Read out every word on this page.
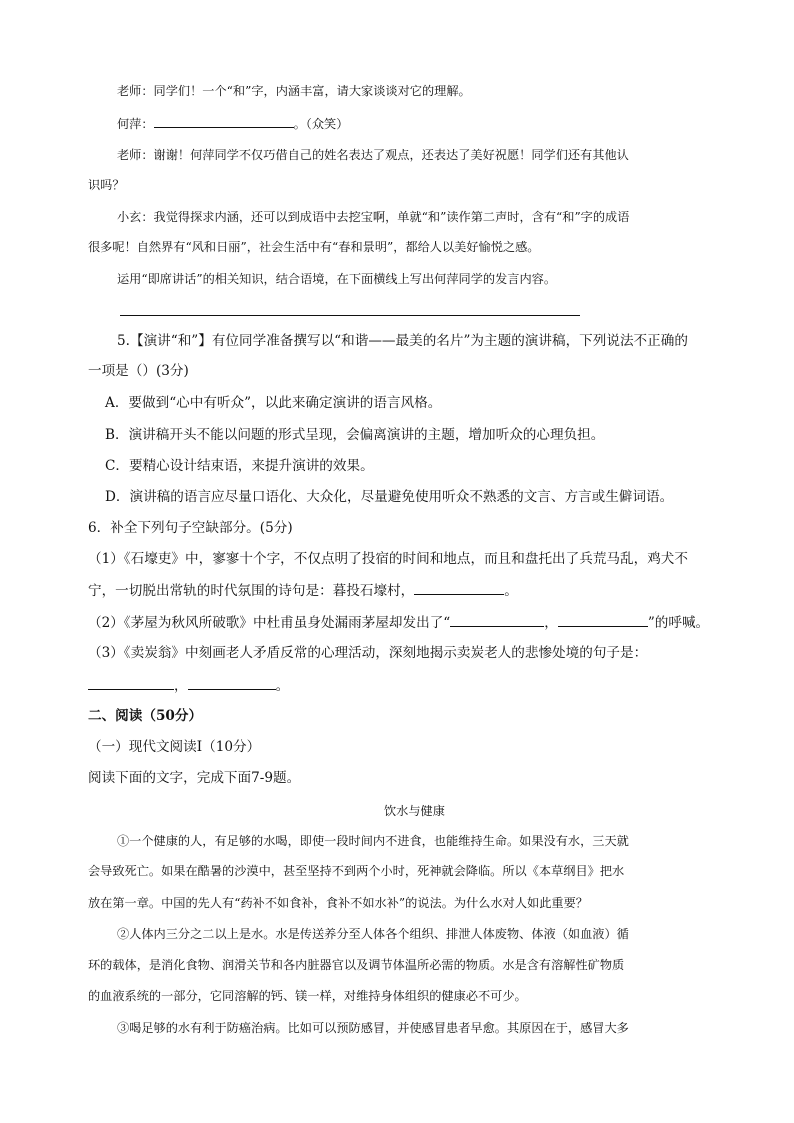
老师：同学们！一个“和”字，内涵丰富，请大家谈谈对它的理解。
何萍：	。（众笑）
老师：谢谢！何萍同学不仅巧借自己的姓名表达了观点，还表达了美好祝愿！同学们还有其他认
识吗？
小玄：我觉得探求内涵，还可以到成语中去挖宝啊，单就“和”读作第二声时，含有“和”字的成语
很多呢！自然界有“风和日丽”，社会生活中有“春和景明”，都给人以美好愉悦之感。
运用“即席讲话”的相关知识，结合语境，在下面横线上写出何萍同学的发言内容。
5.【演讲“和”】有位同学准备撰写以“和谐——最美的名片”为主题的演讲稿，下列说法不正确的
一项是（）(3分)
A．要做到“心中有听众”，以此来确定演讲的语言风格。
B．演讲稿开头不能以问题的形式呈现，会偏离演讲的主题，增加听众的心理负担。
C．要精心设计结束语，来提升演讲的效果。
D．演讲稿的语言应尽量口语化、大众化，尽量避免使用听众不熟悉的文言、方言或生僻词语。
6．补全下列句子空缺部分。(5分)
（1）《石壕吏》中，寥寥十个字，不仅点明了投宿的时间和地点，而且和盘托出了兵荒马乱，鸡犬不
宁，一切脱出常轨的时代氛围的诗句是：暮投石壕村，	。
（2）《茅屋为秋风所破歌》中杜甫虽身处漏雨茅屋却发出了“	，	”的呼喊。
（3）《卖炭翁》中刻画老人矛盾反常的心理活动，深刻地揭示卖炭老人的悲惨处境的句子是：
，	。
二、阅读（50分）
（一）现代文阅读Ⅰ（10分）
阅读下面的文字，完成下面7-9题。
饮水与健康
①一个健康的人，有足够的水喝，即使一段时间内不进食，也能维持生命。如果没有水，三天就
会导致死亡。如果在酷暑的沙漠中，甚至坚持不到两个小时，死神就会降临。所以《本草纲目》把水
放在第一章。中国的先人有“药补不如食补，食补不如水补”的说法。为什么水对人如此重要？
②人体内三分之二以上是水。水是传送养分至人体各个组织、排泄人体废物、体液（如血液）循
环的载体，是消化食物、润滑关节和各内脏器官以及调节体温所必需的物质。水是含有溶解性矿物质
的血液系统的一部分，它同溶解的钙、镁一样，对维持身体组织的健康必不可少。
③喝足够的水有利于防癌治病。比如可以预防感冒，并使感冒患者早愈。其原因在于，感冒大多
